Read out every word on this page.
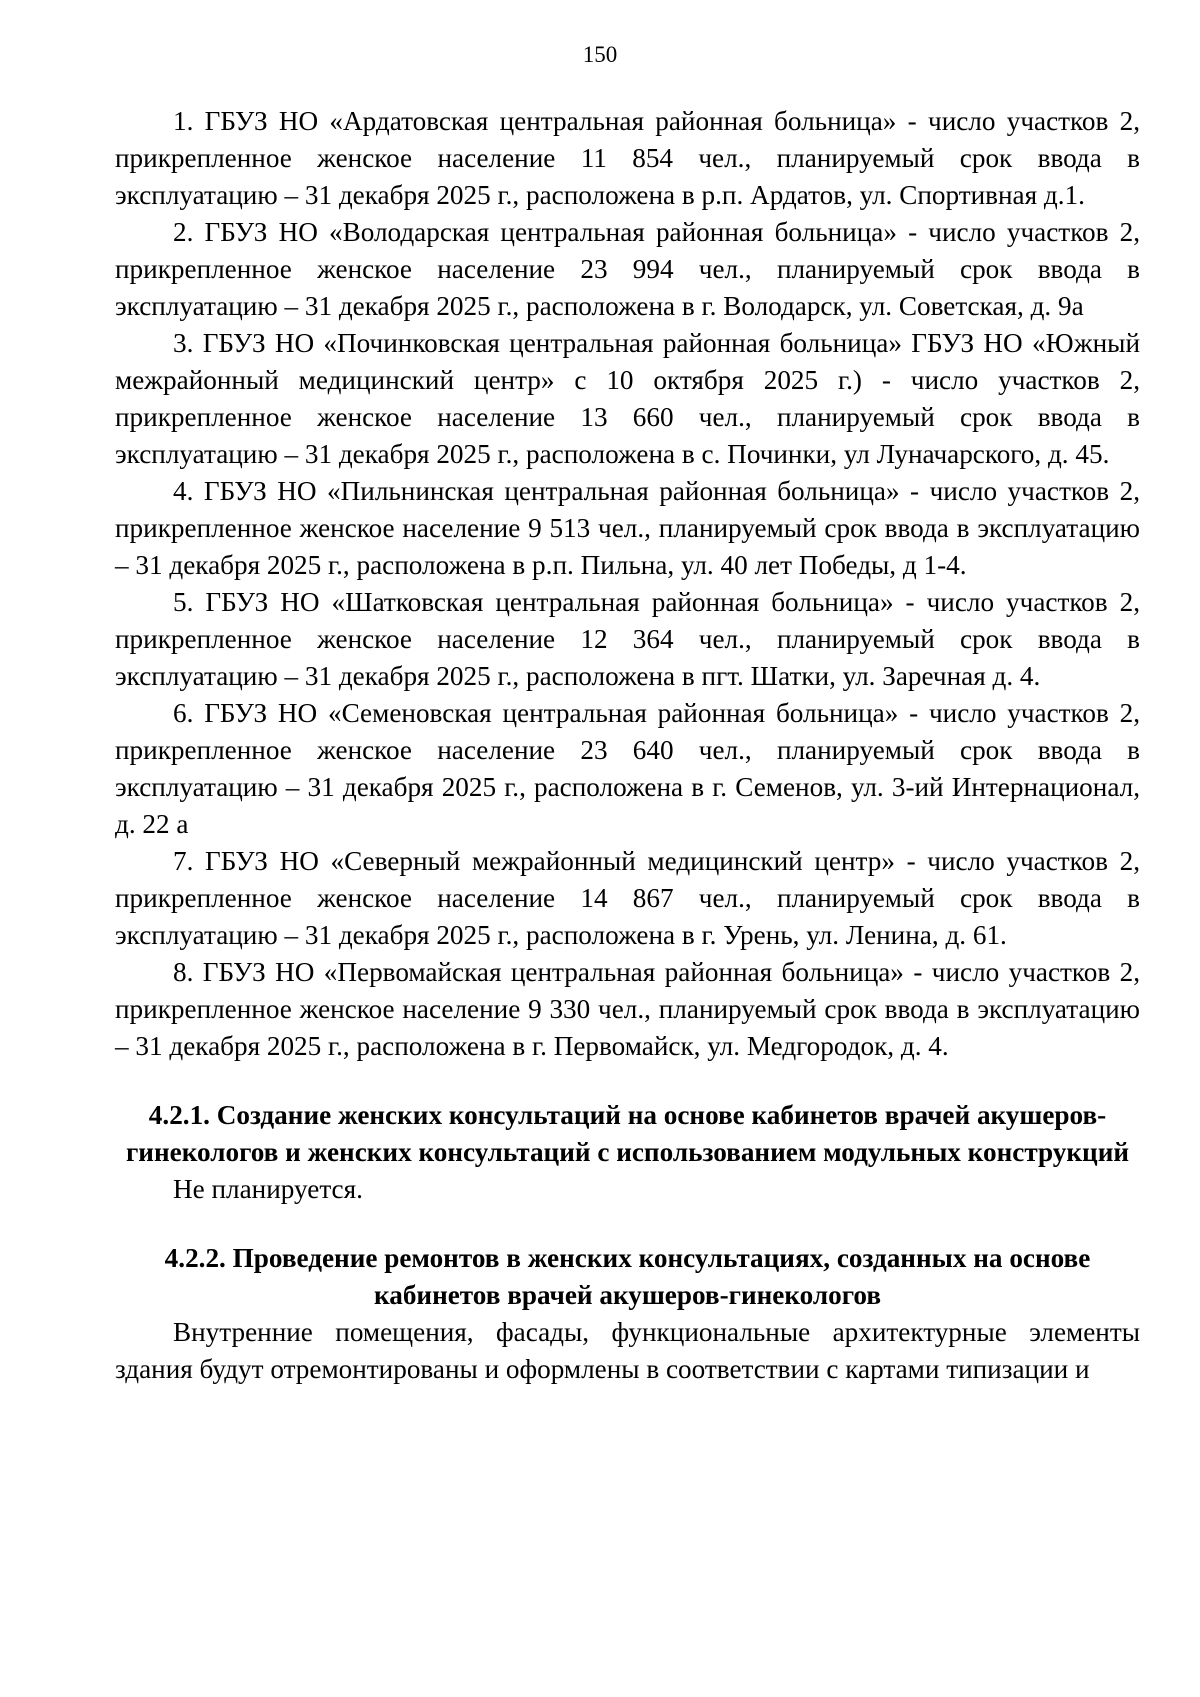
150

1. ГБУЗ НО «Ардатовская центральная районная больница» - число участков 2, прикрепленное женское население 11 854 чел., планируемый срок ввода в эксплуатацию – 31 декабря 2025 г., расположена в р.п. Ардатов, ул. Спортивная д.1.

2. ГБУЗ НО «Володарская центральная районная больница» - число участков 2, прикрепленное женское население 23 994 чел., планируемый срок ввода в эксплуатацию – 31 декабря 2025 г., расположена в г. Володарск, ул. Советская, д. 9а

3. ГБУЗ НО «Починковская центральная районная больница» ГБУЗ НО «Южный межрайонный медицинский центр» с 10 октября 2025 г.) - число участков 2, прикрепленное женское население 13 660 чел., планируемый срок ввода в эксплуатацию – 31 декабря 2025 г., расположена в с. Починки, ул Луначарского, д. 45.

4. ГБУЗ НО «Пильнинская центральная районная больница» - число участков 2, прикрепленное женское население 9 513 чел., планируемый срок ввода в эксплуатацию – 31 декабря 2025 г., расположена в р.п. Пильна, ул. 40 лет Победы, д 1-4.

5. ГБУЗ НО «Шатковская центральная районная больница» - число участков 2, прикрепленное женское население 12 364 чел., планируемый срок ввода в эксплуатацию – 31 декабря 2025 г., расположена в пгт. Шатки, ул. Заречная д. 4.

6. ГБУЗ НО «Семеновская центральная районная больница» - число участков 2, прикрепленное женское население 23 640 чел., планируемый срок ввода в эксплуатацию – 31 декабря 2025 г., расположена в г. Семенов, ул. 3-ий Интернационал, д. 22 а

7. ГБУЗ НО «Северный межрайонный медицинский центр» - число участков 2, прикрепленное женское население 14 867 чел., планируемый срок ввода в эксплуатацию – 31 декабря 2025 г., расположена в г. Урень, ул. Ленина, д. 61.

8. ГБУЗ НО «Первомайская центральная районная больница» - число участков 2, прикрепленное женское население 9 330 чел., планируемый срок ввода в эксплуатацию – 31 декабря 2025 г., расположена в г. Первомайск, ул. Медгородок, д. 4.

4.2.1. Создание женских консультаций на основе кабинетов врачей акушеров-гинекологов и женских консультаций с использованием модульных конструкций

Не планируется.

4.2.2. Проведение ремонтов в женских консультациях, созданных на основе кабинетов врачей акушеров-гинекологов

Внутренние помещения, фасады, функциональные архитектурные элементы здания будут отремонтированы и оформлены в соответствии с картами типизации и
